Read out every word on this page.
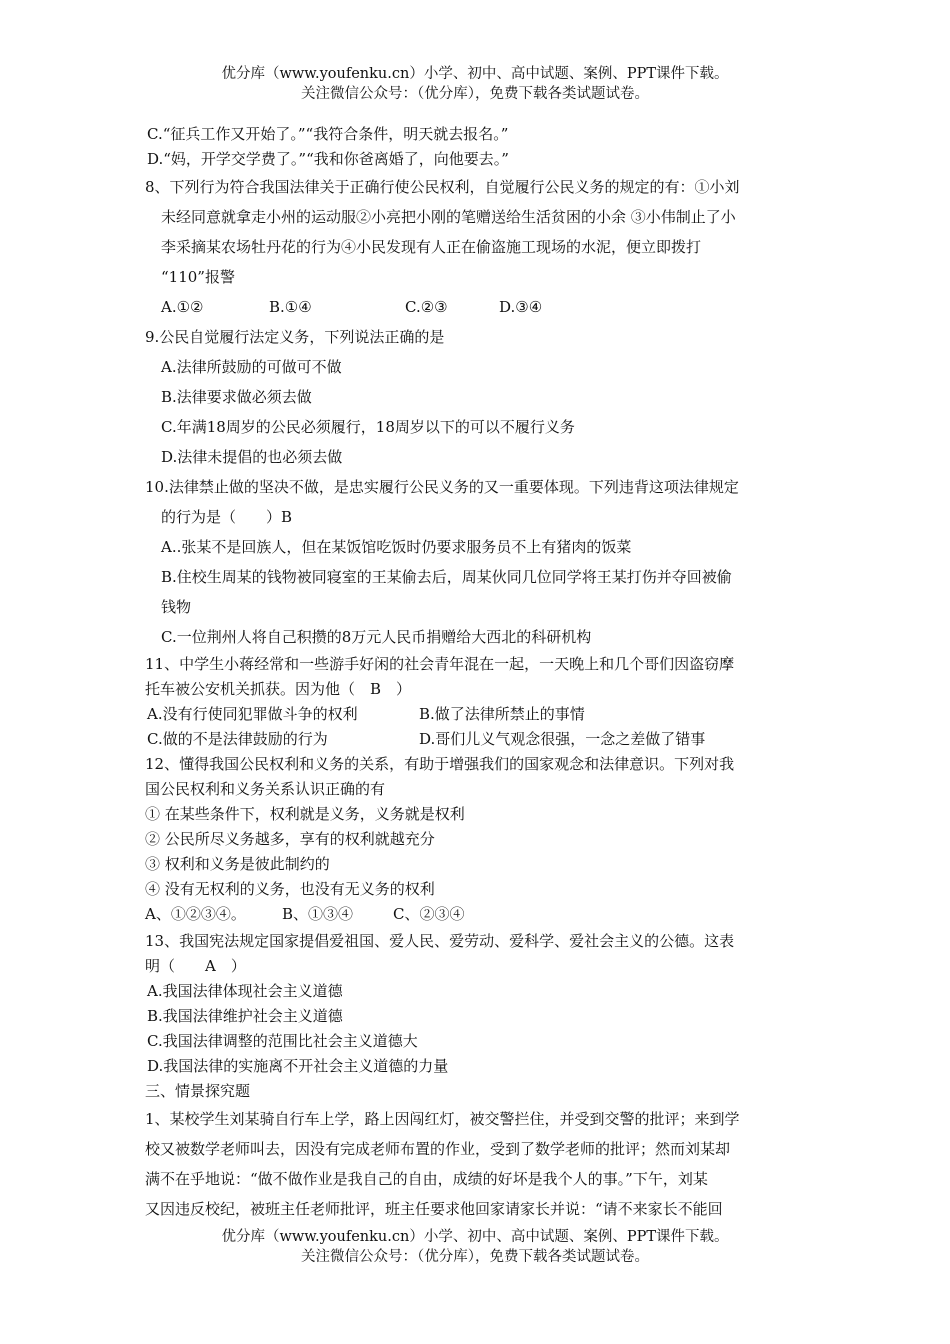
优分库（www.youfenku.cn）小学、初中、高中试题、案例、PPT课件下载。
关注微信公众号：（优分库），免费下载各类试题试卷。
C.“征兵工作又开始了。”“我符合条件，明天就去报名。”
D.“妈，开学交学费了。”“我和你爸离婚了，向他要去。”
8、下列行为符合我国法律关于正确行使公民权利，自觉履行公民义务的规定的有：①小刘
未经同意就拿走小州的运动服②小亮把小刚的笔赠送给生活贫困的小余 ③小伟制止了小
李采摘某农场牡丹花的行为④小民发现有人正在偷盗施工现场的水泥，便立即拨打
“110”报警
A.①②	B.①④	C.②③	D.③④
9.公民自觉履行法定义务，下列说法正确的是
A.法律所鼓励的可做可不做
B.法律要求做必须去做
C.年满18周岁的公民必须履行，18周岁以下的可以不履行义务
D.法律未提倡的也必须去做
10.法律禁止做的坚决不做，是忠实履行公民义务的又一重要体现。下列违背这项法律规定
的行为是（　　）B
A..张某不是回族人，但在某饭馆吃饭时仍要求服务员不上有猪肉的饭菜
B.住校生周某的钱物被同寝室的王某偷去后，周某伙同几位同学将王某打伤并夺回被偷
钱物
C.一位荆州人将自己积攒的8万元人民币捐赠给大西北的科研机构
11、中学生小蒋经常和一些游手好闲的社会青年混在一起，一天晚上和几个哥们因盗窃摩
托车被公安机关抓获。因为他（　B　）
A.没有行使同犯罪做斗争的权利	B.做了法律所禁止的事情
C.做的不是法律鼓励的行为	D.哥们儿义气观念很强，一念之差做了错事
12、懂得我国公民权利和义务的关系，有助于增强我们的国家观念和法律意识。下列对我
国公民权利和义务关系认识正确的有
① 在某些条件下，权利就是义务，义务就是权利
② 公民所尽义务越多，享有的权利就越充分
③ 权利和义务是彼此制约的
④ 没有无权利的义务，也没有无义务的权利
A、①②③④。	B、①③④	C、②③④
13、我国宪法规定国家提倡爱祖国、爱人民、爱劳动、爱科学、爱社会主义的公德。这表
明（　　A　）
A.我国法律体现社会主义道德
B.我国法律维护社会主义道德
C.我国法律调整的范围比社会主义道德大
D.我国法律的实施离不开社会主义道德的力量
三、情景探究题
1、某校学生刘某骑自行车上学，路上因闯红灯，被交警拦住，并受到交警的批评；来到学
校又被数学老师叫去，因没有完成老师布置的作业，受到了数学老师的批评；然而刘某却
满不在乎地说：“做不做作业是我自己的自由，成绩的好坏是我个人的事。”下午，刘某
又因违反校纪，被班主任老师批评，班主任要求他回家请家长并说：“请不来家长不能回
优分库（www.youfenku.cn）小学、初中、高中试题、案例、PPT课件下载。
关注微信公众号：（优分库），免费下载各类试题试卷。
